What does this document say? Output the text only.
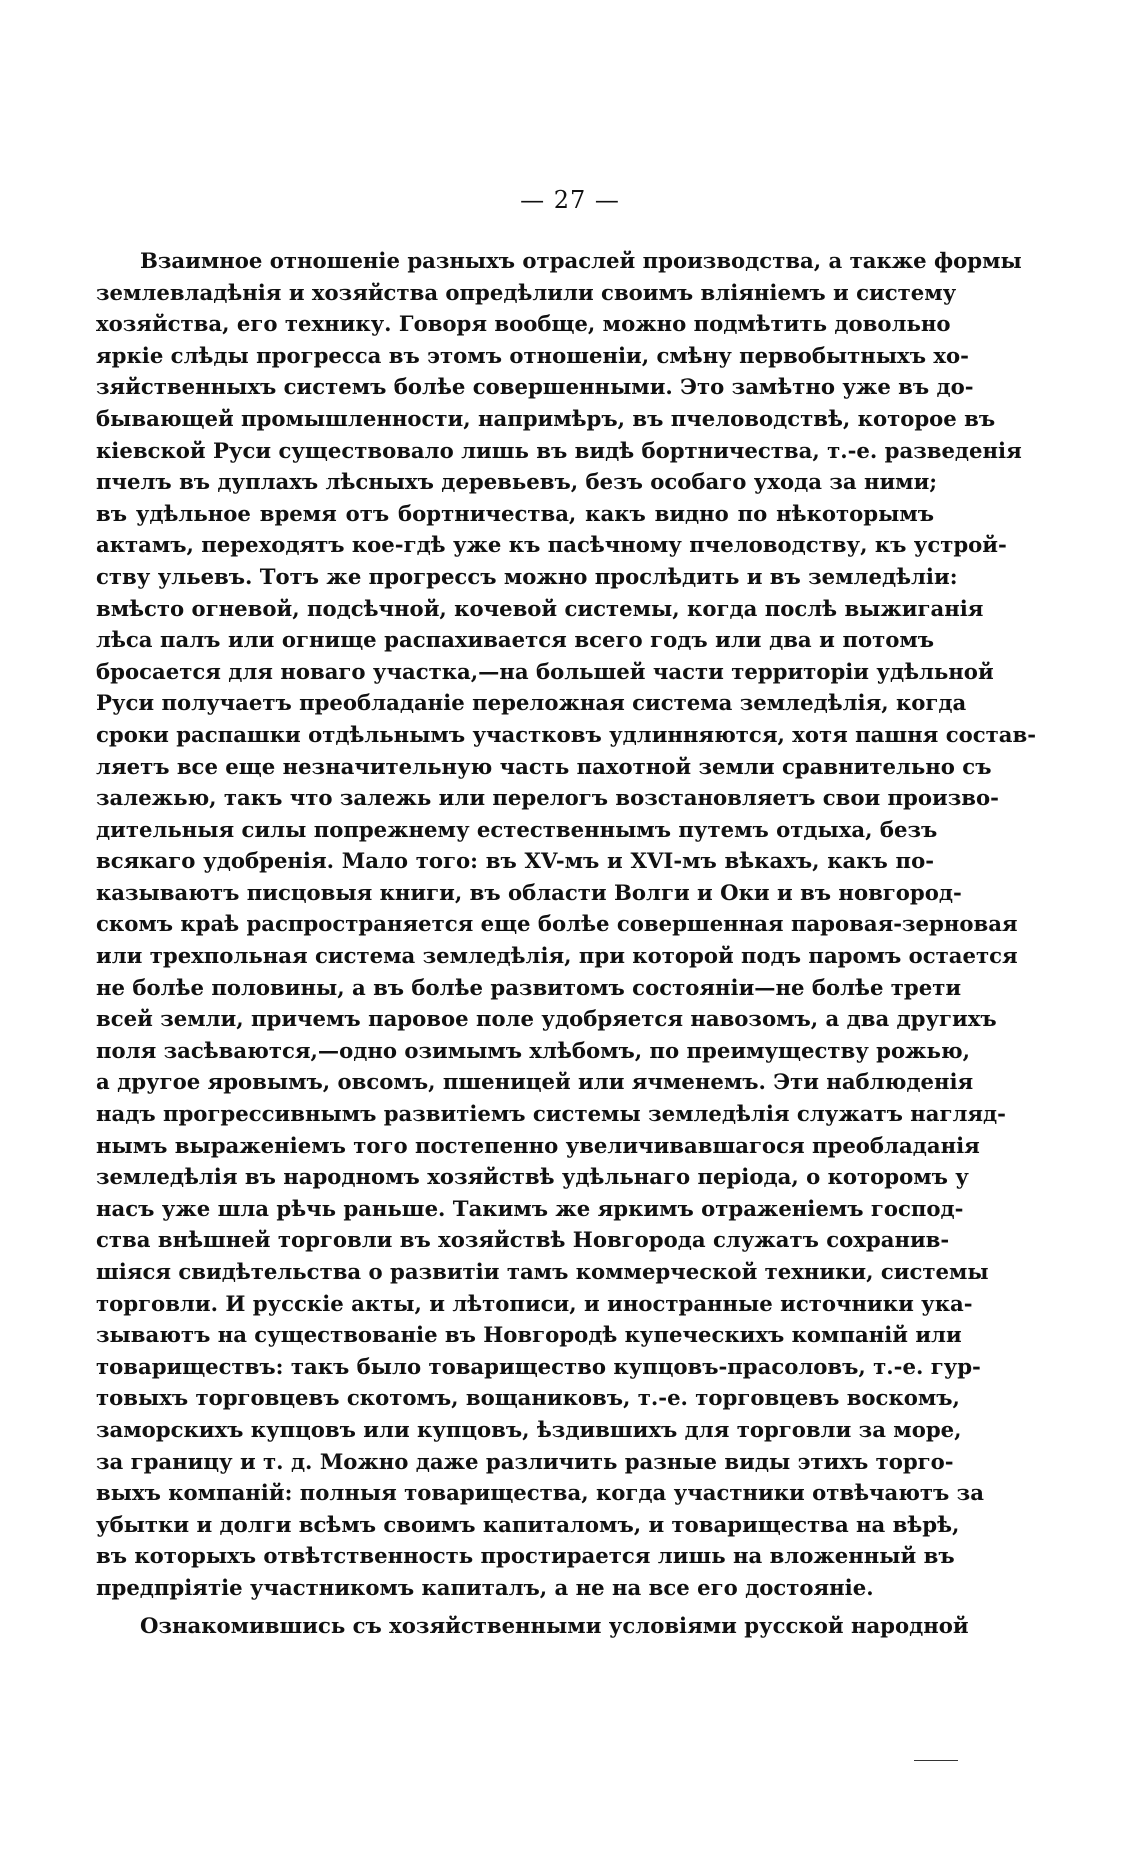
— 27 —
Взаимное отношеніе разныхъ отраслей производства, а также формы
землевладѣнія и хозяйства опредѣлили своимъ вліяніемъ и систему
хозяйства, его технику. Говоря вообще, можно подмѣтить довольно
яркіе слѣды прогресса въ этомъ отношеніи, смѣну первобытныхъ хо-
зяйственныхъ системъ болѣе совершенными. Это замѣтно уже въ до-
бывающей промышленности, напримѣръ, въ пчеловодствѣ, которое въ
кіевской Руси существовало лишь въ видѣ бортничества, т.-е. разведенія
пчелъ въ дуплахъ лѣсныхъ деревьевъ, безъ особаго ухода за ними;
въ удѣльное время отъ бортничества, какъ видно по нѣкоторымъ
актамъ, переходятъ кое-гдѣ уже къ пасѣчному пчеловодству, къ устрой-
ству ульевъ. Тотъ же прогрессъ можно прослѣдить и въ земледѣліи:
вмѣсто огневой, подсѣчной, кочевой системы, когда послѣ выжиганія
лѣса палъ или огнище распахивается всего годъ или два и потомъ
бросается для новаго участка,—на большей части территоріи удѣльной
Руси получаетъ преобладаніе переложная система земледѣлія, когда
сроки распашки отдѣльнымъ участковъ удлинняются, хотя пашня состав-
ляетъ все еще незначительную часть пахотной земли сравнительно съ
залежью, такъ что залежь или перелогъ возстановляетъ свои произво-
дительныя силы попрежнему естественнымъ путемъ отдыха, безъ
всякаго удобренія. Мало того: въ XV-мъ и XVI-мъ вѣкахъ, какъ по-
казываютъ писцовыя книги, въ области Волги и Оки и въ новгород-
скомъ краѣ распространяется еще болѣе совершенная паровая-зерновая
или трехпольная система земледѣлія, при которой подъ паромъ остается
не болѣе половины, а въ болѣе развитомъ состояніи—не болѣе трети
всей земли, причемъ паровое поле удобряется навозомъ, а два другихъ
поля засѣваются,—одно озимымъ хлѣбомъ, по преимуществу рожью,
а другое яровымъ, овсомъ, пшеницей или ячменемъ. Эти наблюденія
надъ прогрессивнымъ развитіемъ системы земледѣлія служатъ нагляд-
нымъ выраженіемъ того постепенно увеличивавшагося преобладанія
земледѣлія въ народномъ хозяйствѣ удѣльнаго періода, о которомъ у
насъ уже шла рѣчь раньше. Такимъ же яркимъ отраженіемъ господ-
ства внѣшней торговли въ хозяйствѣ Новгорода служатъ сохранив-
шіяся свидѣтельства о развитіи тамъ коммерческой техники, системы
торговли. И русскіе акты, и лѣтописи, и иностранные источники ука-
зываютъ на существованіе въ Новгородѣ купеческихъ компаній или
товариществъ: такъ было товарищество купцовъ-прасоловъ, т.-е. гур-
товыхъ торговцевъ скотомъ, вощаниковъ, т.-е. торговцевъ воскомъ,
заморскихъ купцовъ или купцовъ, ѣздившихъ для торговли за море,
за границу и т. д. Можно даже различить разные виды этихъ торго-
выхъ компаній: полныя товарищества, когда участники отвѣчаютъ за
убытки и долги всѣмъ своимъ капиталомъ, и товарищества на вѣрѣ,
въ которыхъ отвѣтственность простирается лишь на вложенный въ
предпріятіе участникомъ капиталъ, а не на все его достояніе.
Ознакомившись съ хозяйственными условіями русской народной
